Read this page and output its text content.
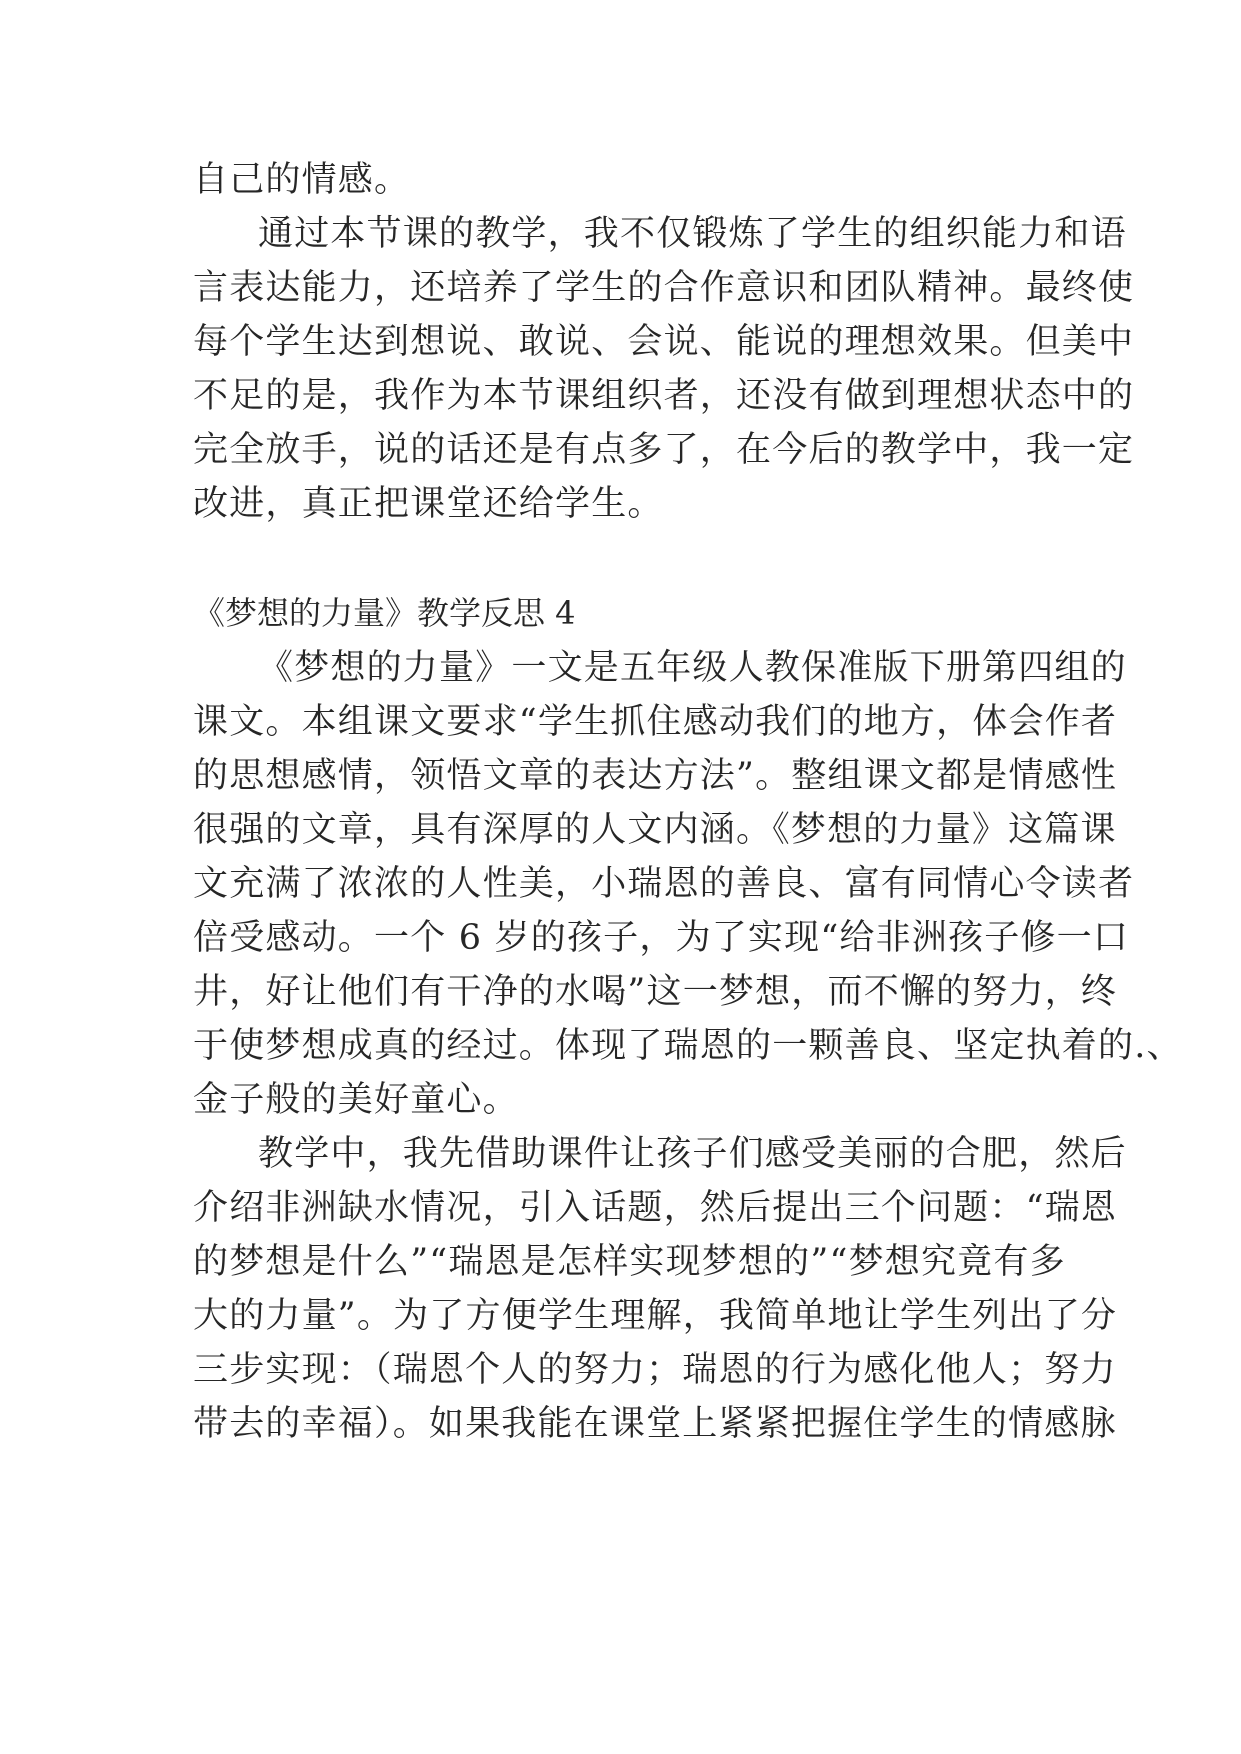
自己的情感。
通过本节课的教学，我不仅锻炼了学生的组织能力和语
言表达能力，还培养了学生的合作意识和团队精神。最终使
每个学生达到想说、敢说、会说、能说的理想效果。但美中
不足的是，我作为本节课组织者，还没有做到理想状态中的
完全放手，说的话还是有点多了，在今后的教学中，我一定
改进，真正把课堂还给学生。
《梦想的力量》教学反思 4
《梦想的力量》一文是五年级人教保准版下册第四组的
课文。本组课文要求“学生抓住感动我们的地方，体会作者
的思想感情，领悟文章的表达方法”。整组课文都是情感性
很强的文章，具有深厚的人文内涵。《梦想的力量》这篇课
文充满了浓浓的人性美，小瑞恩的善良、富有同情心令读者
倍受感动。一个 6 岁的孩子，为了实现“给非洲孩子修一口
井，好让他们有干净的水喝”这一梦想，而不懈的努力，终
于使梦想成真的经过。体现了瑞恩的一颗善良、坚定执着的.、
金子般的美好童心。
教学中，我先借助课件让孩子们感受美丽的合肥，然后
介绍非洲缺水情况，引入话题，然后提出三个问题：“瑞恩
的梦想是什么”“瑞恩是怎样实现梦想的”“梦想究竟有多
大的力量”。为了方便学生理解，我简单地让学生列出了分
三步实现：（瑞恩个人的努力；瑞恩的行为感化他人；努力
带去的幸福）。如果我能在课堂上紧紧把握住学生的情感脉
